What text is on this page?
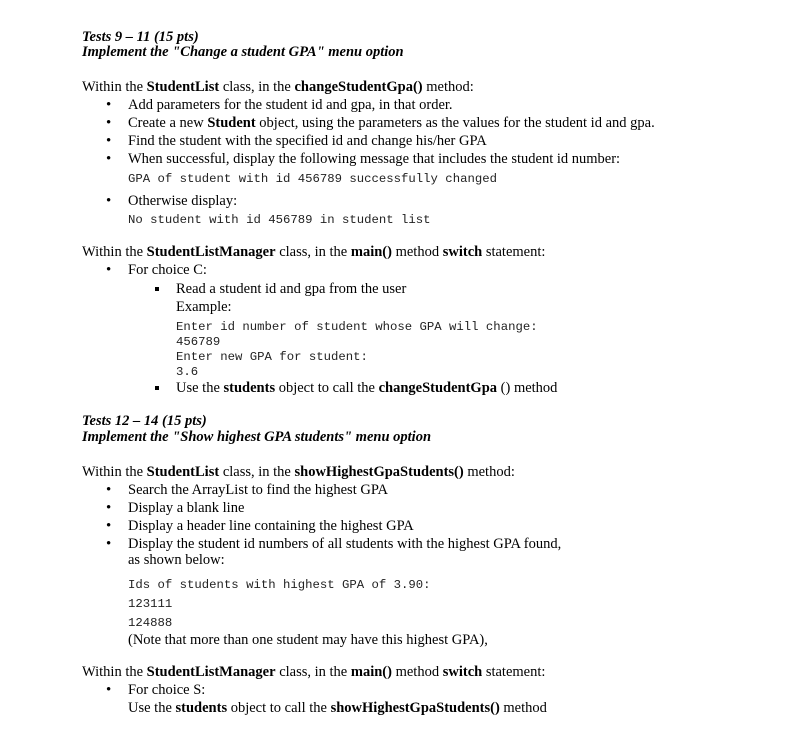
Tests 9 – 11 (15 pts)
Implement the "Change a student GPA" menu option
Within the StudentList class, in the changeStudentGpa() method:
• Add parameters for the student id and gpa, in that order.
• Create a new Student object, using the parameters as the values for the student id and gpa.
• Find the student with the specified id and change his/her GPA
• When successful, display the following message that includes the student id number:
GPA of student with id 456789 successfully changed
• Otherwise display:
No student with id 456789 in student list
Within the StudentListManager class, in the main() method switch statement:
• For choice C:
Read a student id and gpa from the user
Example:
Enter id number of student whose GPA will change:
456789
Enter new GPA for student:
3.6
Use the students object to call the changeStudentGpa () method
Tests 12 – 14 (15 pts)
Implement the "Show highest GPA students" menu option
Within the StudentList class, in the showHighestGpaStudents() method:
• Search the ArrayList to find the highest GPA
• Display a blank line
• Display a header line containing the highest GPA
• Display the student id numbers of all students with the highest GPA found,
as shown below:
Ids of students with highest GPA of 3.90:
123111
124888
(Note that more than one student may have this highest GPA),
Within the StudentListManager class, in the main() method switch statement:
• For choice S:
Use the students object to call the showHighestGpaStudents() method
